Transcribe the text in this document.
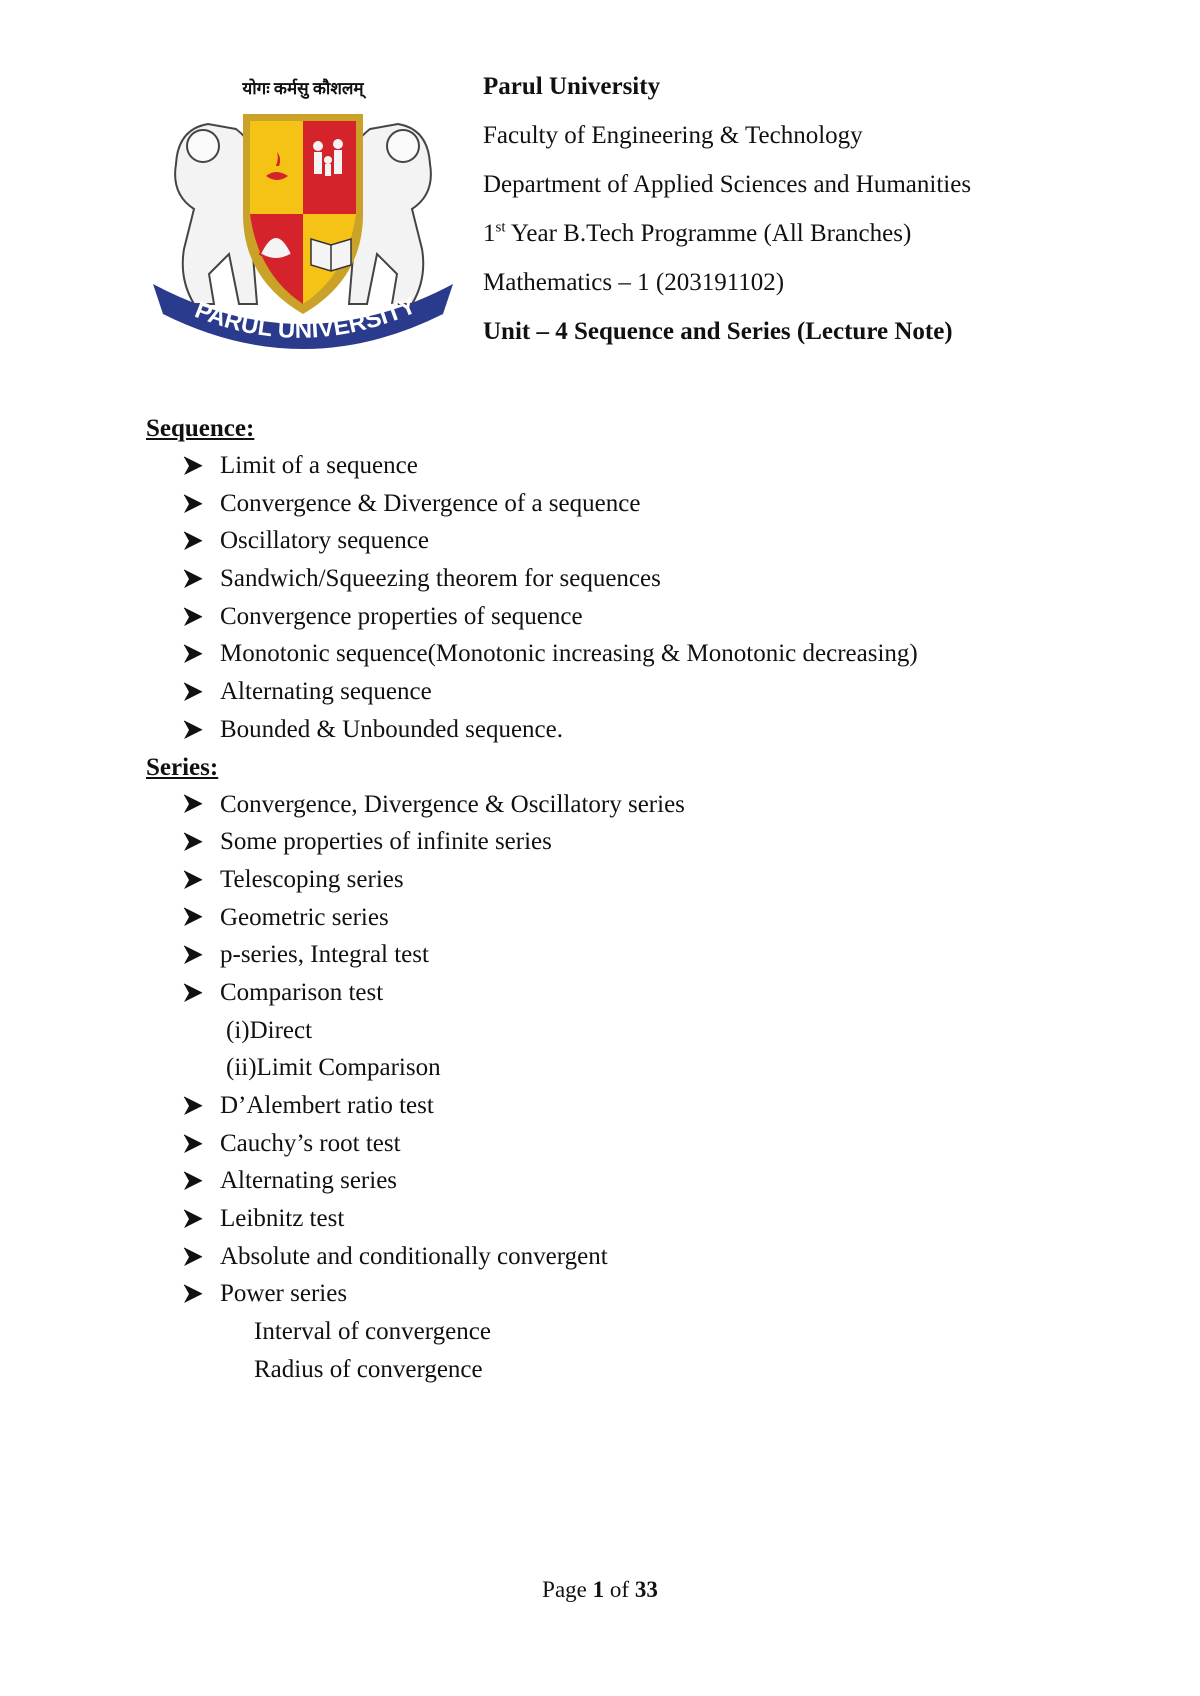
योगः कर्मसु कौशलम्
PARUL UNIVERSITY
Parul University
Faculty of Engineering & Technology
Department of Applied Sciences and Humanities
1st Year B.Tech Programme (All Branches)
Mathematics – 1 (203191102)
Unit – 4 Sequence and Series (Lecture Note)
Sequence:
Limit of a sequence
Convergence & Divergence of a sequence
Oscillatory sequence
Sandwich/Squeezing theorem for sequences
Convergence properties of sequence
Monotonic sequence(Monotonic increasing & Monotonic decreasing)
Alternating sequence
Bounded & Unbounded sequence.
Series:
Convergence, Divergence & Oscillatory series
Some properties of infinite series
Telescoping series
Geometric series
p-series, Integral test
Comparison test
(i)Direct
(ii)Limit Comparison
D’Alembert ratio test
Cauchy’s root test
Alternating series
Leibnitz test
Absolute and conditionally convergent
Power series
Interval of convergence
Radius of convergence
Page 1 of 33
